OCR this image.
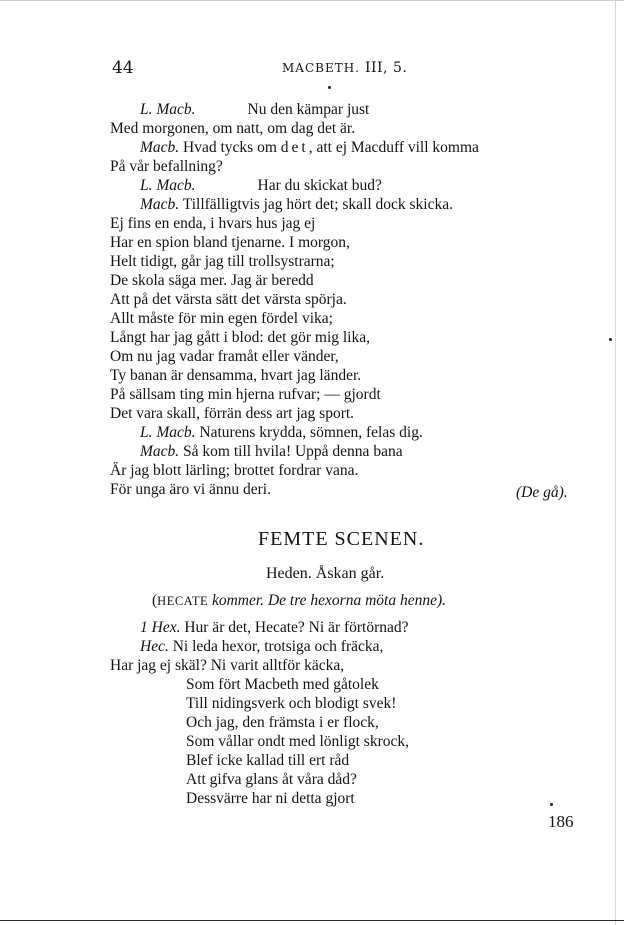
44	MACBETH. III, 5.
L. Macb.	Nu den kämpar just
Med morgonen, om natt, om dag det är.
Macb. Hvad tycks om det, att ej Macduff vill komma
På vår befallning?
L. Macb.	Har du skickat bud?
Macb. Tillfälligtvis jag hört det; skall dock skicka.
Ej fins en enda, i hvars hus jag ej
Har en spion bland tjenarne. I morgon,
Helt tidigt, går jag till trollsystrarna;
De skola säga mer. Jag är beredd
Att på det värsta sätt det värsta spörja.
Allt måste för min egen fördel vika;
Långt har jag gått i blod: det gör mig lika,
Om nu jag vadar framåt eller vänder,
Ty banan är densamma, hvart jag länder.
På sällsam ting min hjerna rufvar; — gjordt
Det vara skall, förrän dess art jag sport.
L. Macb. Naturens krydda, sömnen, felas dig.
Macb. Så kom till hvila! Uppå denna bana
Är jag blott lärling; brottet fordrar vana.
För unga äro vi ännu deri.	(De gå).
FEMTE SCENEN.
Heden. Åskan går.
(HECATE kommer. De tre hexorna möta henne).
1 Hex. Hur är det, Hecate? Ni är förtörnad?
Hec. Ni leda hexor, trotsiga och fräcka,
Har jag ej skäl? Ni varit alltför käcka,
Som fört Macbeth med gåtolek
Till nidingsverk och blodigt svek!
Och jag, den främsta i er flock,
Som vållar ondt med lönligt skrock,
Blef icke kallad till ert råd
Att gifva glans åt våra dåd?
Dessvärre har ni detta gjort
186
